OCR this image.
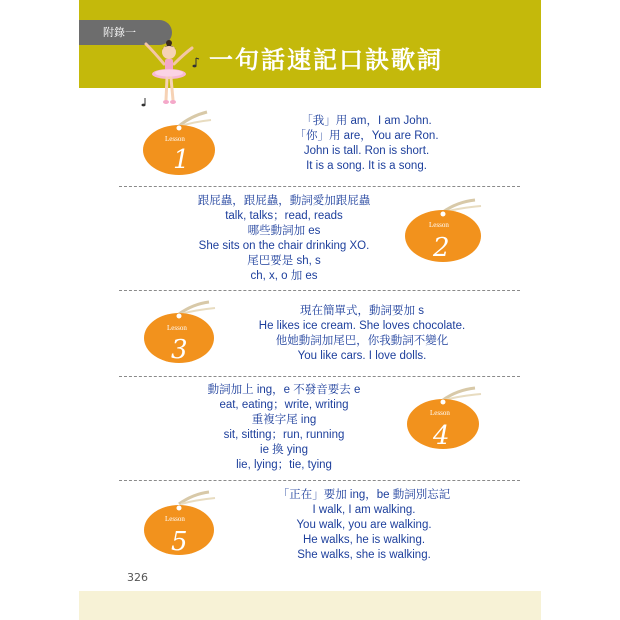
附錄一
一句話速記口訣歌詞
Lesson
1
「我」用 am，I am John.
「你」用 are，You are Ron.
John is tall. Ron is short.
It is a song. It is a song.
跟屁蟲，跟屁蟲，動詞愛加跟屁蟲
talk, talks；read, reads
哪些動詞加 es
She sits on the chair drinking XO.
尾巴要是 sh, s
ch, x, o 加 es
Lesson
2
Lesson
3
現在簡單式，動詞要加 s
He likes ice cream. She loves chocolate.
他她動詞加尾巴，你我動詞不變化
You like cars. I love dolls.
動詞加上 ing，e 不發音要去 e
eat, eating；write, writing
重複字尾 ing
sit, sitting；run, running
ie 換 ying
lie, lying；tie, tying
Lesson
4
Lesson
5
「正在」要加 ing，be 動詞別忘記
I walk, I am walking.
You walk, you are walking.
He walks, he is walking.
She walks, she is walking.
326
